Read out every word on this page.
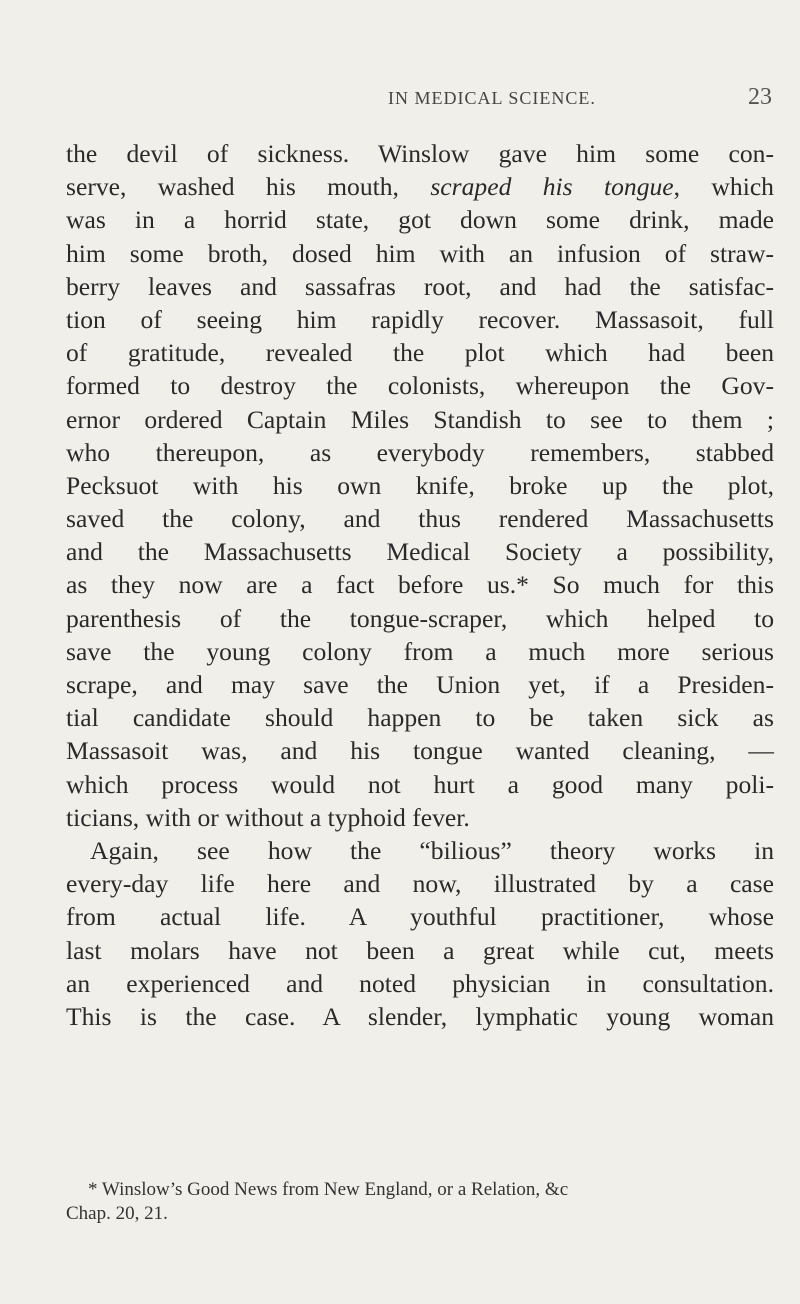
IN MEDICAL SCIENCE.	23
the devil of sickness. Winslow gave him some con-
serve, washed his mouth, scraped his tongue, which
was in a horrid state, got down some drink, made
him some broth, dosed him with an infusion of straw-
berry leaves and sassafras root, and had the satisfac-
tion of seeing him rapidly recover. Massasoit, full
of gratitude, revealed the plot which had been
formed to destroy the colonists, whereupon the Gov-
ernor ordered Captain Miles Standish to see to them ;
who thereupon, as everybody remembers, stabbed
Pecksuot with his own knife, broke up the plot,
saved the colony, and thus rendered Massachusetts
and the Massachusetts Medical Society a possibility,
as they now are a fact before us.* So much for this
parenthesis of the tongue-scraper, which helped to
save the young colony from a much more serious
scrape, and may save the Union yet, if a Presiden-
tial candidate should happen to be taken sick as
Massasoit was, and his tongue wanted cleaning, —
which process would not hurt a good many poli-
ticians, with or without a typhoid fever.
Again, see how the “bilious” theory works in
every-day life here and now, illustrated by a case
from actual life. A youthful practitioner, whose
last molars have not been a great while cut, meets
an experienced and noted physician in consultation.
This is the case. A slender, lymphatic young woman
* Winslow’s Good News from New England, or a Relation, &c
Chap. 20, 21.
